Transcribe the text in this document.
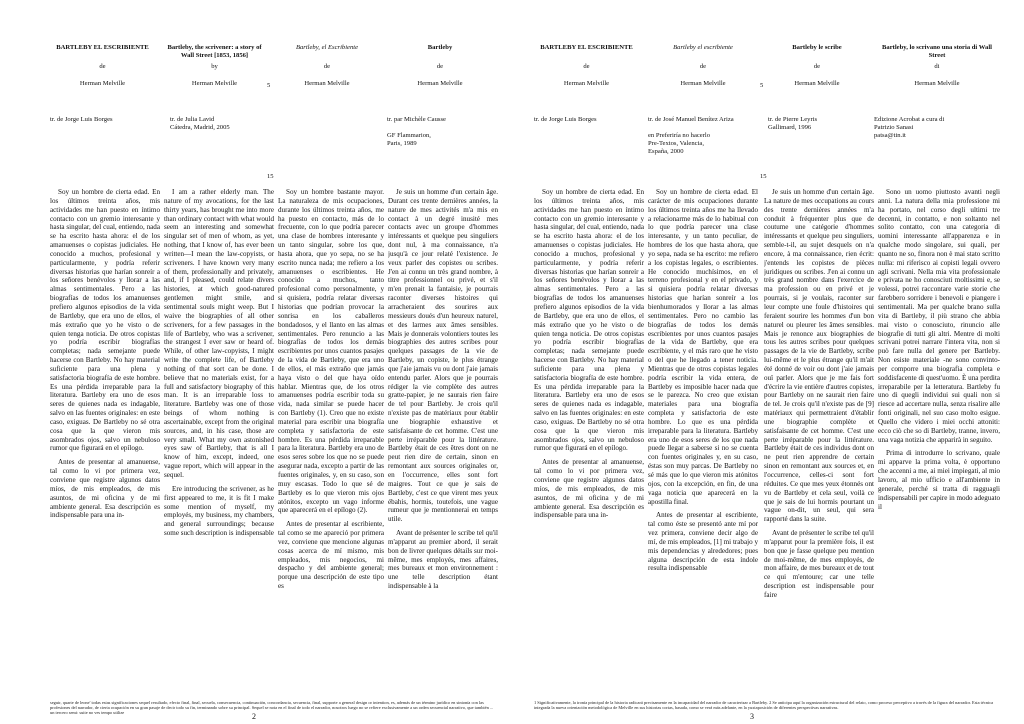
BARTLEBY EL ESCRIBIENTE
de
Herman Melville
Bartleby, the scrivener: a story of Wall Street [1853, 1856]
by
Herman Melville
Bartleby, el Escribiente
de
Herman Melville
Bartleby
de
Herman Melville
tr. de Jorge Luis Borges	tr. de Julia Lavid
Cátedra, Madrid, 2005
tr. par Michèle Causse

GF Flammarion,
Paris, 1989
5
15

Soy un hombre de cierta edad. En los últimos treinta años, mis actividades me han puesto en íntimo contacto con un gremio interesante y hasta singular, del cual, entiendo, nada se ha escrito hasta ahora: el de los amanuenses o copistas judiciales. He conocido a muchos, profesional y particularmente, y podría referir diversas historias que harían sonreír a los señores benévolos y llorar a las almas sentimentales. Pero a las biografías de todos los amanuenses prefiero algunos episodios de la vida de Bartleby, que era uno de ellos, el más extraño que yo he visto o de quien tenga noticia. De otros copistas yo podría escribir biografías completas; nada semejante puede hacerse con Bartleby. No hay material suficiente para una plena y satisfactoria biografía de este hombre. Es una pérdida irreparable para la literatura. Bartleby era uno de esos seres de quienes nada es indagable, salvo en las fuentes originales: en este caso, exiguas. De Bartleby no sé otra cosa que la que vieron mis asombrados ojos, salvo un nebuloso rumor que figurará en el epílogo.

Antes de presentar al amanuense, tal como lo vi por primera vez, conviene que registre algunos datos míos, de mis empleados, de mis asuntos, de mi oficina y de mi ambiente general. Esa descripción es indispensable para una in-

I am a rather elderly man. The nature of my avocations, for the last thirty years, has brought me into more than ordinary contact with what would seem an interesting and somewhat singular set of men of whom, as yet, nothing, that I know of, has ever been written—I mean the law-copyists, or scriveners. I have known very many of them, professionally and privately, and, if I pleased, could relate divers histories, at which good-natured gentlemen might smile, and sentimental souls might weep. But I waive the biographies of all other scriveners, for a few passages in the life of Bartleby, who was a scrivener, the strangest I ever saw or heard of. While, of other law-copyists, I might write the complete life, of Bartleby nothing of that sort can be done. I believe that no materials exist, for a full and satisfactory biography of this man. It is an irreparable loss to literature. Bartleby was one of those beings of whom nothing is ascertainable, except from the original sources, and, in his case, those are very small. What my own astonished eyes saw of Bartleby, that is all I know of him, except, indeed, one vague report, which will appear in the sequel.

Ere introducing the scrivener, as he first appeared to me, it is fit I make some mention of myself, my employés, my business, my chambers, and general surroundings; because some such description is indispensable

Soy un hombre bastante mayor. La naturaleza de mis ocupaciones, durante los últimos treinta años, me ha puesto en contacto, más de lo frecuente, con lo que podría parecer una clase de hombres interesante y un tanto singular, sobre los que, hasta ahora, que yo sepa, no se ha escrito nunca nada; me refiero a los amanuenses o escribientes. He conocido a muchos, tanto profesional como personalmente, y si quisiera, podría relatar diversas historias que podrían provocar la sonrisa en los caballeros bondadosos, y el llanto en las almas sentimentales. Pero renuncio a las biografías de todos los demás escribientes por unos cuantos pasajes de la vida de Bartleby, que era uno de ellos, el más extraño que jamás haya visto o del que haya oído hablar. Mientras que, de los otros amanuenses podría escribir toda su vida, nada similar se puede hacer con Bartleby (1). Creo que no existe material para escribir una biografía completa y satisfactoria de este hombre. Es una pérdida irreparable para la literatura. Bartleby era uno de esos seres sobre los que no se puede asegurar nada, excepto a partir de las fuentes originales, y, en su caso, son muy escasas. Todo lo que sé de Bartleby es lo que vieron mis ojos atónitos, excepto un vago informe que aparecerá en el epílogo (2).

Antes de presentar al escribiente, tal como se me apareció por primera vez, conviene que mencione algunas cosas acerca de mí mismo, mis empleados, mis negocios, mi despacho y del ambiente general; porque una descripción de este tipo es

Je suis un homme d'un certain âge. Durant ces trente dernières années, la nature de mes activités m'a mis en contact à un degré inusité mes contacts avec un groupe d'hommes intéressants et quelque peu singuliers dont nul, à ma connaissance, n'a jusqu'à ce jour relaté l'existence. Je veux parler des copistes ou scribes. J'en ai connu un très grand nombre, à titre professionnel ou privé, et s'il m'en prenait la fantaisie, je pourrais raconter diverses histoires qui arracheraient des sourires aux messieurs doués d'un heureux naturel, et des larmes aux âmes sensibles. Mais je donnerais volontiers toutes les biographies des autres scribes pour quelques passages de la vie de Bartleby, un copiste, le plus étrange que j'aie jamais vu ou dont j'aie jamais entendu parler. Alors que je pourrais rédiger la vie complète des autres gratte-papier, je ne saurais rien faire de tel pour Bartleby. Je crois qu'il n'existe pas de matériaux pour établir une biographie exhaustive et satisfaisante de cet homme. C'est une perte irréparable pour la littérature. Bartleby était de ces êtres dont on ne peut rien dire de certain, sinon en remontant aux sources originales or, en l'occurrence, elles sont fort maigres. Tout ce que je sais de Bartleby, c'est ce que virent mes yeux ébahis, hormis, toutefois, une vague rumeur que je mentionnerai en temps utile.

Avant de présenter le scribe tel qu'il m'apparut au premier abord, il serait bon de livrer quelques détails sur moi-même, mes employés, mes affaires, mes bureaux et mon environnement : une telle description étant indispensable à la

seguir, quarte de leone' todas estas significaciones sequel resultado, efecto final, final, secuela, consecuencia, continuación, concordancia, secuencia, final, supporte a general design or intention, es, además de un término jurídico en sintonía con las profesiones del narrador, de cierta ocupación en su gran pasaje de decir todo su fin, terminando sobre su principal. Sequel se nota en el final de todo el narrador, nosotros luego no se refiere exclusivamente a un orden secuencial narrativo, que también ... un tercero semi: suite no ves tempo utilize	2
BARTLEBY EL ESCRIBIENTE
de
Herman Melville
Bartleby el escribiente
de
Herman Melville
Bartleby le scribe
de
Herman Melville
Bartleby, lo scrivano una storia di Wall Street
di
Herman Melville
tr. de Jorge Luis Borges	tr. de José Manuel Benítez Ariza

en Preferiría no hacerlo
Pre-Textos, Valencia,
España, 2000
tr. de Pierre Leyris
Gallimard, 1996
Edizione Acrobat a cura di
Patrizio Sanasi
patsa@tin.it
5
15

Soy un hombre de cierta edad. En los últimos treinta años, mis actividades me han puesto en íntimo contacto con un gremio interesante y hasta singular, del cual, entiendo, nada se ha escrito hasta ahora: el de los amanuenses o copistas judiciales. He conocido a muchos, profesional y particularmente, y podría referir diversas historias que harían sonreír a los señores benévolos y llorar a las almas sentimentales. Pero a las biografías de todos los amanuenses prefiero algunos episodios de la vida de Bartleby, que era uno de ellos, el más extraño que yo he visto o de quien tenga noticia. De otros copistas yo podría escribir biografías completas; nada semejante puede hacerse con Bartleby. No hay material suficiente para una plena y satisfactoria biografía de este hombre. Es una pérdida irreparable para la literatura. Bartleby era uno de esos seres de quienes nada es indagable, salvo en las fuentes originales: en este caso, exiguas. De Bartleby no sé otra cosa que la que vieron mis asombrados ojos, salvo un nebuloso rumor que figurará en el epílogo.

Antes de presentar al amanuense, tal como lo vi por primera vez, conviene que registre algunos datos míos, de mis empleados, de mis asuntos, de mi oficina y de mi ambiente general. Esa descripción es indispensable para una in-

Soy un hombre de cierta edad. El carácter de mis ocupaciones durante los últimos treinta años me ha llevado a relacionarme más de lo habitual con lo que podría parecer una clase interesante, y un tanto peculiar, de hombres de los que hasta ahora, que yo sepa, nada se ha escrito: me refiero a los copistas legales, o escribientes. He conocido muchísimos, en el terreno profesional y en el privado, y si quisiera podría relatar diversas historias que harían sonreír a los bienhumorados y llorar a las almas sentimentales. Pero no cambio las biografías de todos los demás escribientes por unos cuantos pasajes de la vida de Bartleby, que era escribiente, y el más raro que he visto o del que he llegado a tener noticia. Mientras que de otros copistas legales podría escribir la vida entera, de Bartleby es imposible hacer nada que se le parezca. No creo que existan materiales para una biografía completa y satisfactoria de este hombre. Lo que es una pérdida irreparable para la literatura. Bartleby era uno de esos seres de los que nada puede llegar a saberse si no se cuenta con fuentes originales y, en su caso, éstas son muy parcas. De Bartleby no sé más que lo que vieron mis atónitos ojos, con la excepción, en fin, de una vaga noticia que aparecerá en la apostilla final.

Antes de presentar al escribiente, tal como éste se presentó ante mí por vez primera, conviene decir algo de mí, de mis empleados, [1] mi trabajo y mis dependencias y alrededores; pues alguna descripción de esta índole resulta indispensable

Je suis un homme d'un certain âge. La nature de mes occupations au cours des trente dernières années m'a conduit à fréquenter plus que de coutume une catégorie d'hommes intéressants et quelque peu singuliers, semble-t-il, au sujet desquels on n'a encore, à ma connaissance, rien écrit: j'entends les copistes de pièces juridiques ou scribes. J'en ai connu un très grand nombre dans l'exercice de ma profession ou en privé et je pourrais, si je voulais, raconter sur leur compte une foule d'histoires qui feraient sourire les hommes d'un bon naturel ou pleurer les âmes sensibles. Mais je renonce aux biographies de tous les autres scribes pour quelques passages de la vie de Bartleby, scribe lui-même et le plus étrange qu'il m'ait été donné de voir ou dont j'aie jamais ouï parler. Alors que je me fais fort d'écrire la vie entière d'autres copistes, pour Bartleby on ne saurait rien faire de tel. Je crois qu'il n'existe pas de [9] matériaux qui permettraient d'établir une biographie complète et satisfaisante de cet homme. C'est une perte irréparable pour la littérature. Bartleby était de ces individus dont on ne peut rien apprendre de certain sinon en remontant aux sources et, en l'occurrence, celles-ci sont fort réduites. Ce que mes yeux étonnés ont vu de Bartleby et cela seul, voilà ce que je sais de lui hormis pourtant un vague on-dit, un seul, qui sera rapporté dans la suite.

Avant de présenter le scribe tel qu'il m'apparut pour la première fois, il est bon que je fasse quelque peu mention de moi-même, de mes employés, de mon affaire, de mes bureaux et de tout ce qui m'entoure; car une telle description est indispensable pour faire

Sono un uomo piuttosto avanti negli anni. La natura della mia professione mi ha portato, nel corso degli ultimi tre decenni, in contatto, e non soltanto nel solito contatto, con una categoria di uomini interessante all'apparenza e in qualche modo singolare, sui quali, per quanto ne so, finora non è mai stato scritto nulla: mi riferisco ai copisti legali ovvero agli scrivani. Nella mia vita professionale e privata ne ho conosciuti moltissimi e, se volessi, potrei raccontare varie storie che farebbero sorridere i benevoli e piangere i sentimentali. Ma per qualche brano sulla vita di Bartleby, il più strano che abbia mai visto o conosciuto, rinuncio alle biografie di tutti gli altri. Mentre di molti scrivani potrei narrare l'intera vita, non si può fare nulla del genere per Bartleby. Non esiste materiale -ne sono convinto- per comporre una biografia completa e soddisfacente di quest'uomo. È una perdita irreparabile per la letteratura. Bartleby fu uno di quegli individui sui quali non si riesce ad accertare nulla, senza risalire alle fonti originali, nel suo caso molto esigue. Quello che videro i miei occhi attoniti: ecco ciò che so di Bartleby, tranne, invero, una vaga notizia che apparirà in seguito.

Prima di introdurre lo scrivano, quale mi apparve la prima volta, è opportuno che accenni a me, ai miei impiegati, al mio lavoro, al mio ufficio e all'ambiente in generale, perché si tratta di ragguagli indispensabili per capire in modo adeguato il

1 Significativamente, la ironía principal de la historia radicará precisamente en la incapacidad del narrador de caracterizar a Bartleby. 2 Se anticipa aquí la organización estructural del relato, como proceso perceptivo a través de la figura del narrador. Esta técnica integrada la nueva orientación metodológica de Melville en sus historias cortas, basada, como se verá más adelante, en la yuxtaposición de diferentes perspectivas narrativas.
3
